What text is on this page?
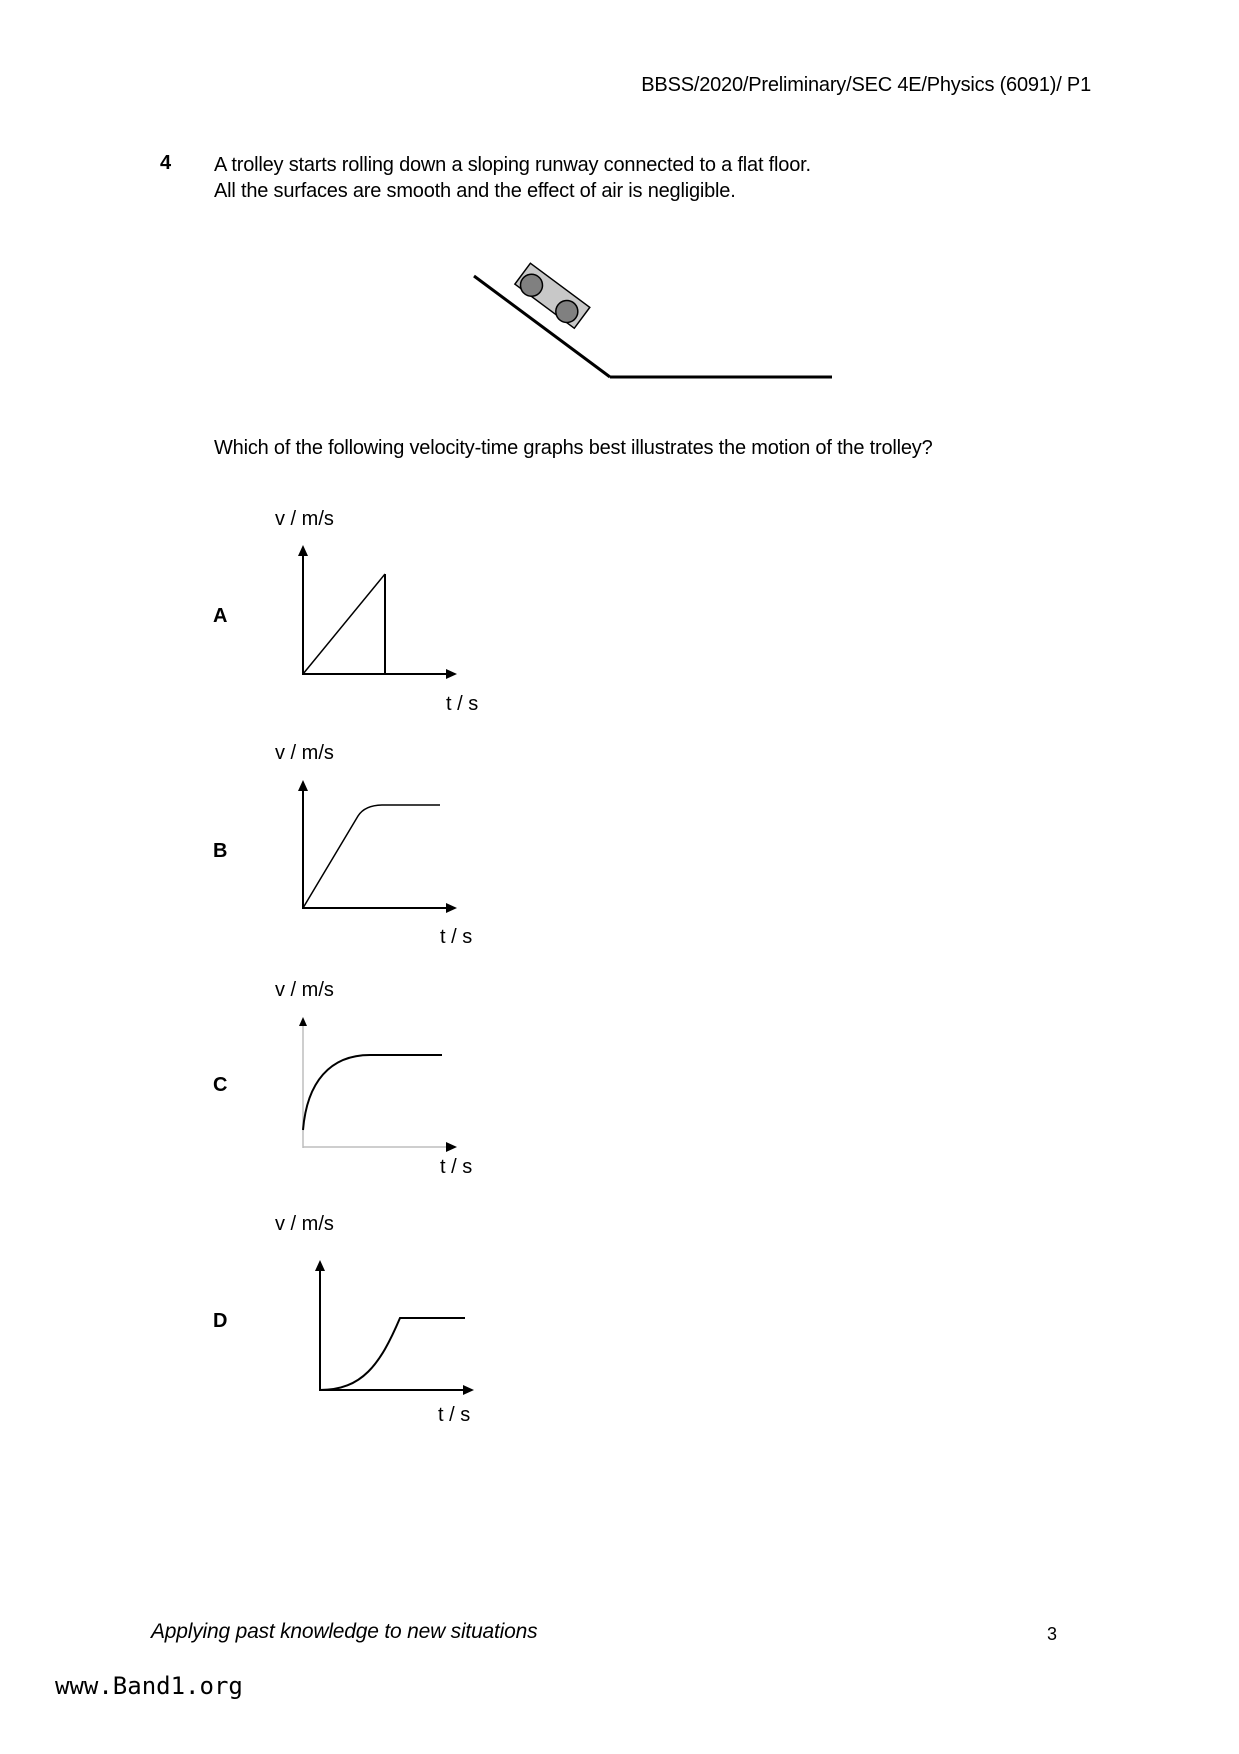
BBSS/2020/Preliminary/SEC 4E/Physics (6091)/ P1
4 A trolley starts rolling down a sloping runway connected to a flat floor.
All the surfaces are smooth and the effect of air is negligible.
Which of the following velocity-time graphs best illustrates the motion of the trolley?
A
v / m/s
t / s
B
v / m/s
t / s
C
v / m/s
t / s
D
v / m/s
t / s
Applying past knowledge to new situations	3
www.Band1.org
